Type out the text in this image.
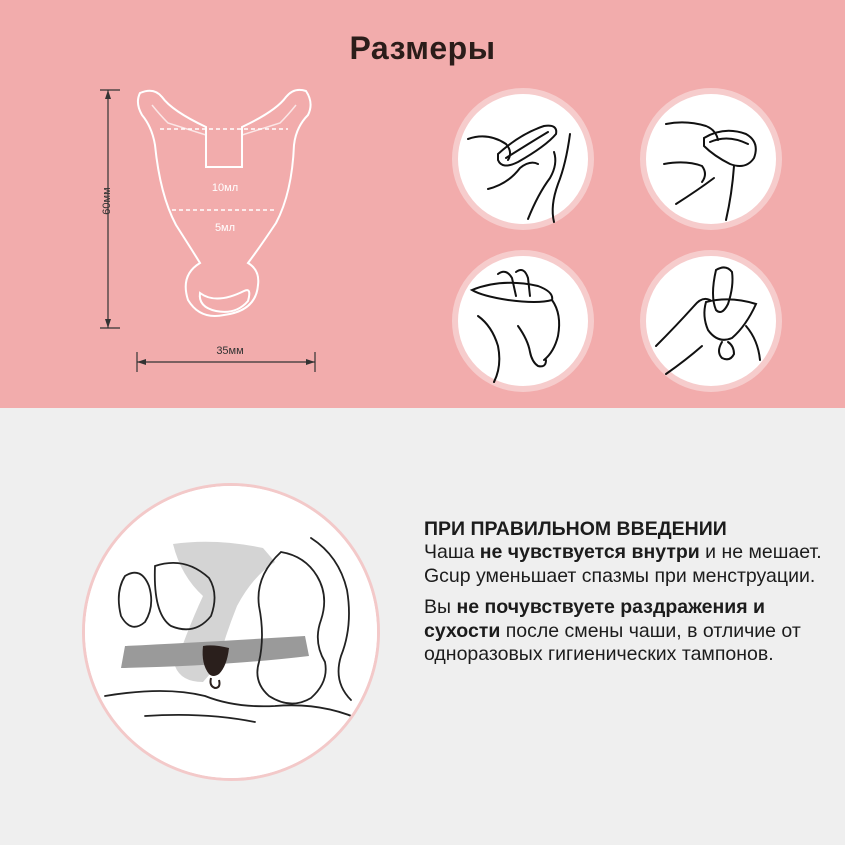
Размеры
60мм
35мм
10мл
5мл

ПРИ ПРАВИЛЬНОМ ВВЕДЕНИИ
Чаша не чувствуется внутри и не мешает. Gcup уменьшает спазмы при менструации.

Вы не почувствуете раздражения и сухости после смены чаши, в отличие от одноразовых гигиенических тампонов.
